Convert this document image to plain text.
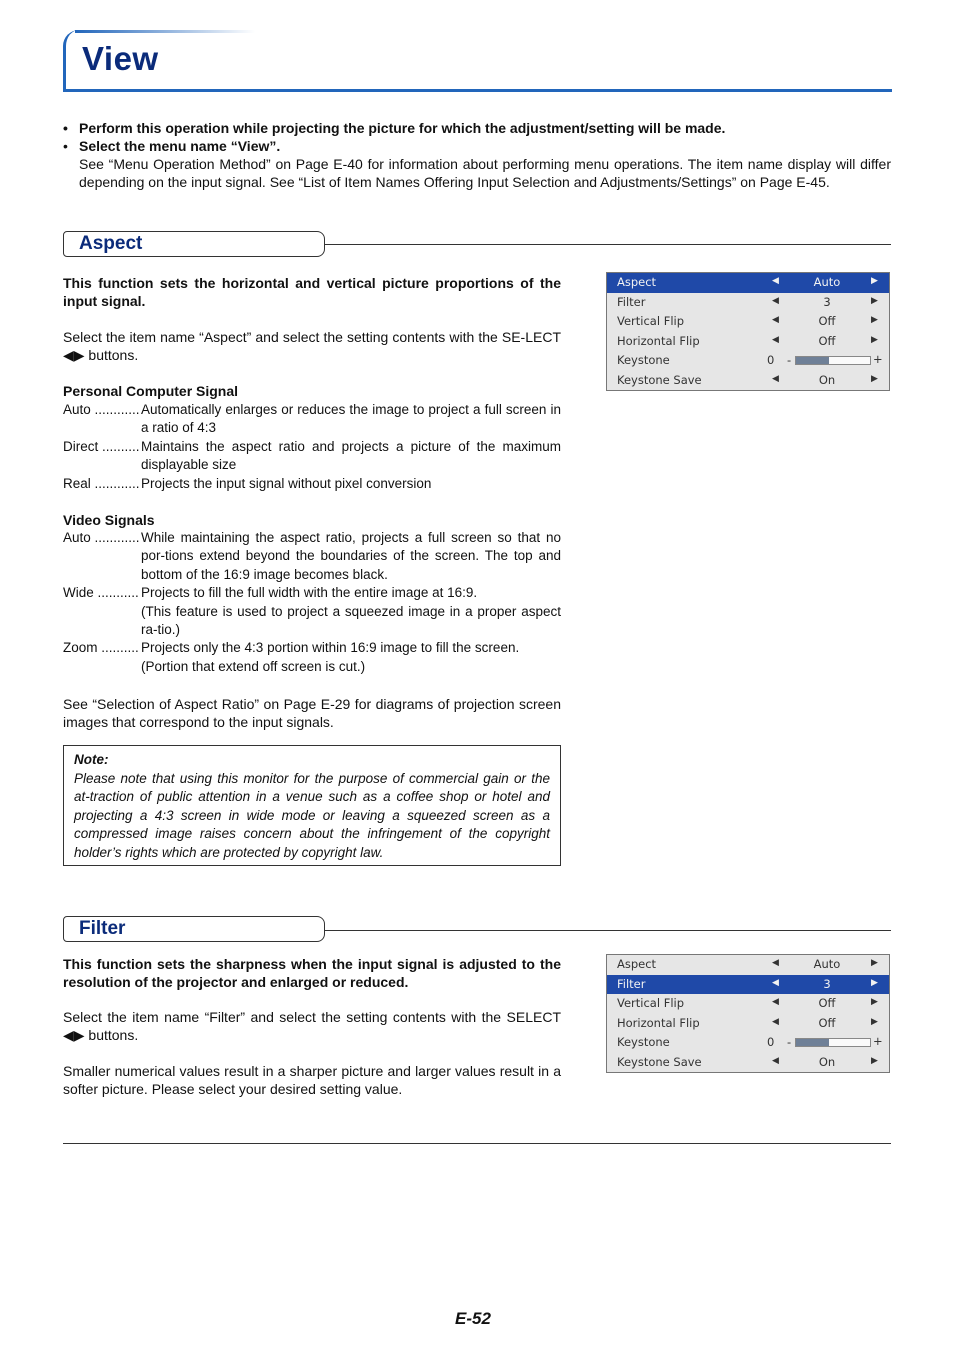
View
• Perform this operation while projecting the picture for which the adjustment/setting will be made.
• Select the menu name “View”.
See “Menu Operation Method” on Page E-40 for information about performing menu operations. The item name display will differ depending on the input signal. See “List of Item Names Offering Input Selection and Adjustments/Settings” on Page E-45.
Aspect
This function sets the horizontal and vertical picture proportions of the input signal.
Select the item name “Aspect” and select the setting contents with the SE-LECT ◀▶ buttons.
Personal Computer Signal
Auto ............ Automatically enlarges or reduces the image to project a full screen in a ratio of 4:3
Direct .......... Maintains the aspect ratio and projects a picture of the maximum displayable size
Real ............ Projects the input signal without pixel conversion
Video Signals
Auto ............ While maintaining the aspect ratio, projects a full screen so that no por-tions extend beyond the boundaries of the screen. The top and bottom of the 16:9 image becomes black.
Wide ........... Projects to fill the full width with the entire image at 16:9.
(This feature is used to project a squeezed image in a proper aspect ra-tio.)
Zoom .......... Projects only the 4:3 portion within 16:9 image to fill the screen.
(Portion that extend off screen is cut.)
See “Selection of Aspect Ratio” on Page E-29 for diagrams of projection screen images that correspond to the input signals.
Note:
Please note that using this monitor for the purpose of commercial gain or the at-traction of public attention in a venue such as a coffee shop or hotel and projecting a 4:3 screen in wide mode or leaving a squeezed screen as a compressed image raises concern about the infringement of the copyright holder’s rights which are protected by copyright law.
Aspect	◀	Auto	▶
Filter	◀	3	▶
Vertical Flip	◀	Off	▶
Horizontal Flip	◀	Off	▶
Keystone	0 -	+
Keystone Save	◀	On	▶
Filter
This function sets the sharpness when the input signal is adjusted to the resolution of the projector and enlarged or reduced.
Select the item name “Filter” and select the setting contents with the SELECT ◀▶ buttons.
Smaller numerical values result in a sharper picture and larger values result in a softer picture. Please select your desired setting value.
Aspect	◀	Auto	▶
Filter	◀	3	▶
Vertical Flip	◀	Off	▶
Horizontal Flip	◀	Off	▶
Keystone	0 -	+
Keystone Save	◀	On	▶
E-52
